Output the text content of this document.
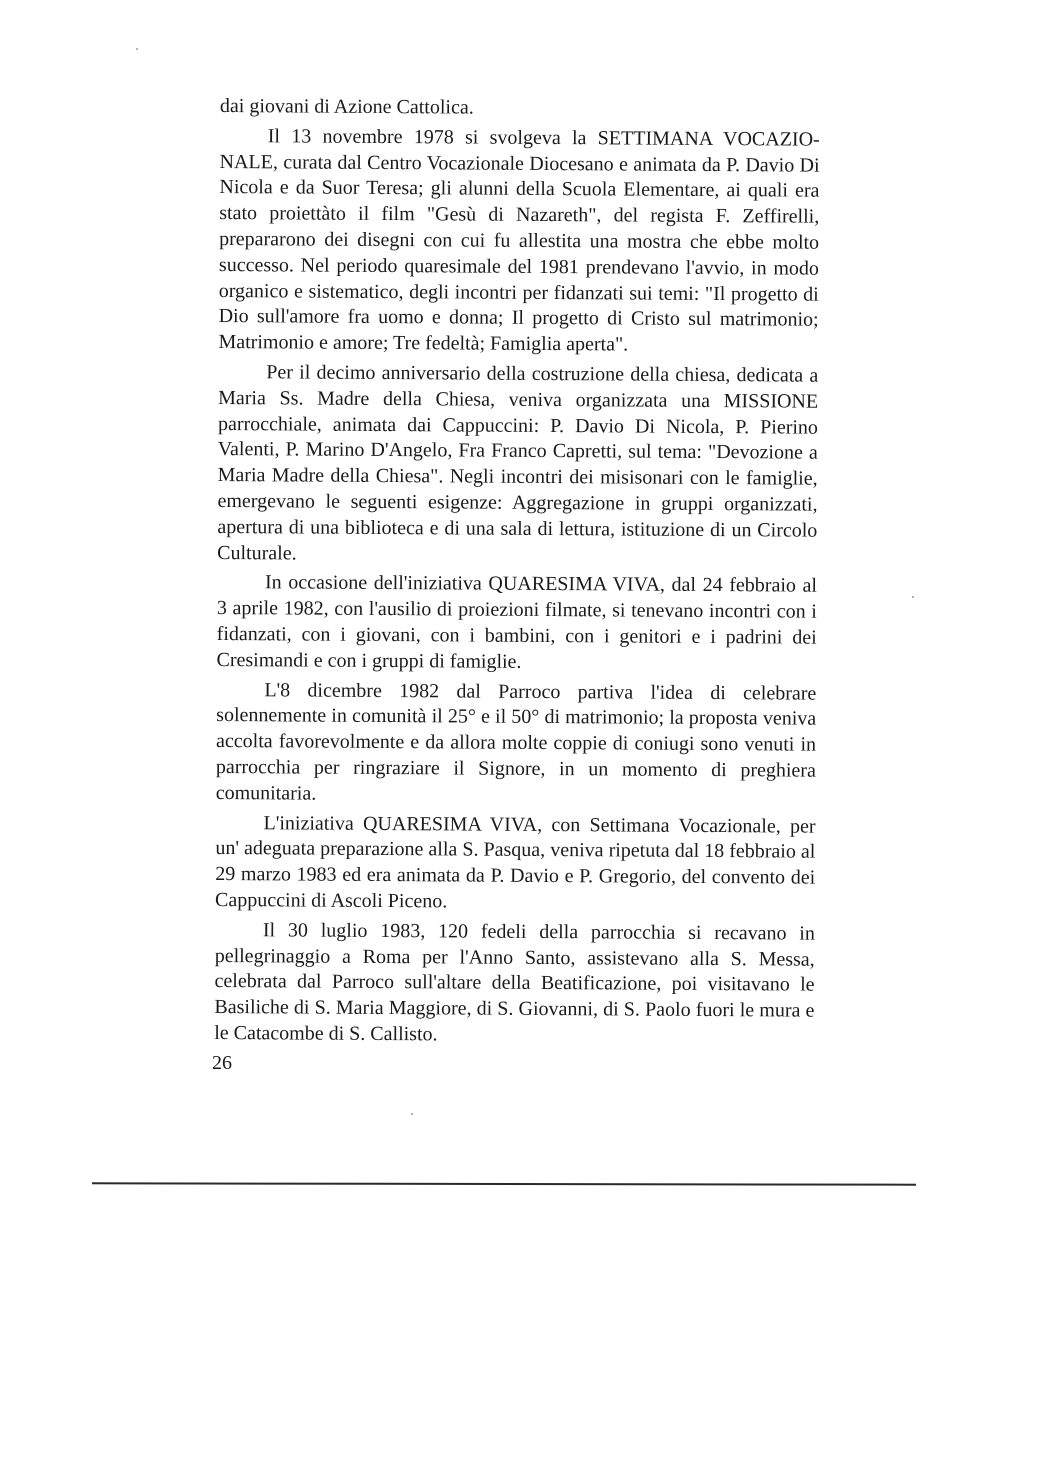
dai giovani di Azione Cattolica.

Il 13 novembre 1978 si svolgeva la SETTIMANA VOCAZIO-NALE, curata dal Centro Vocazionale Diocesano e animata da P. Davio Di Nicola e da Suor Teresa; gli alunni della Scuola Elementare, ai quali era stato proiettàto il film "Gesù di Nazareth", del regista F. Zeffirelli, prepararono dei disegni con cui fu allestita una mostra che ebbe molto successo. Nel periodo quaresimale del 1981 prendevano l'avvio, in modo organico e sistematico, degli incontri per fidanzati sui temi: "Il progetto di Dio sull'amore fra uomo e donna; Il progetto di Cristo sul matrimonio; Matrimonio e amore; Tre fedeltà; Famiglia aperta".

Per il decimo anniversario della costruzione della chiesa, dedicata a Maria Ss. Madre della Chiesa, veniva organizzata una MISSIONE parrocchiale, animata dai Cappuccini: P. Davio Di Nicola, P. Pierino Valenti, P. Marino D'Angelo, Fra Franco Capretti, sul tema: "Devozione a Maria Madre della Chiesa". Negli incontri dei misisonari con le famiglie, emergevano le seguenti esigenze: Aggregazione in gruppi organizzati, apertura di una biblioteca e di una sala di lettura, istituzione di un Circolo Culturale.

In occasione dell'iniziativa QUARESIMA VIVA, dal 24 febbraio al 3 aprile 1982, con l'ausilio di proiezioni filmate, si tenevano incontri con i fidanzati, con i giovani, con i bambini, con i genitori e i padrini dei Cresimandi e con i gruppi di famiglie.

L'8 dicembre 1982 dal Parroco partiva l'idea di celebrare solennemente in comunità il 25° e il 50° di matrimonio; la proposta veniva accolta favorevolmente e da allora molte coppie di coniugi sono venuti in parrocchia per ringraziare il Signore, in un momento di preghiera comunitaria.

L'iniziativa QUARESIMA VIVA, con Settimana Vocazionale, per un' adeguata preparazione alla S. Pasqua, veniva ripetuta dal 18 febbraio al 29 marzo 1983 ed era animata da P. Davio e P. Gregorio, del convento dei Cappuccini di Ascoli Piceno.

Il 30 luglio 1983, 120 fedeli della parrocchia si recavano in pellegrinaggio a Roma per l'Anno Santo, assistevano alla S. Messa, celebrata dal Parroco sull'altare della Beatificazione, poi visitavano le Basiliche di S. Maria Maggiore, di S. Giovanni, di S. Paolo fuori le mura e le Catacombe di S. Callisto.

26
